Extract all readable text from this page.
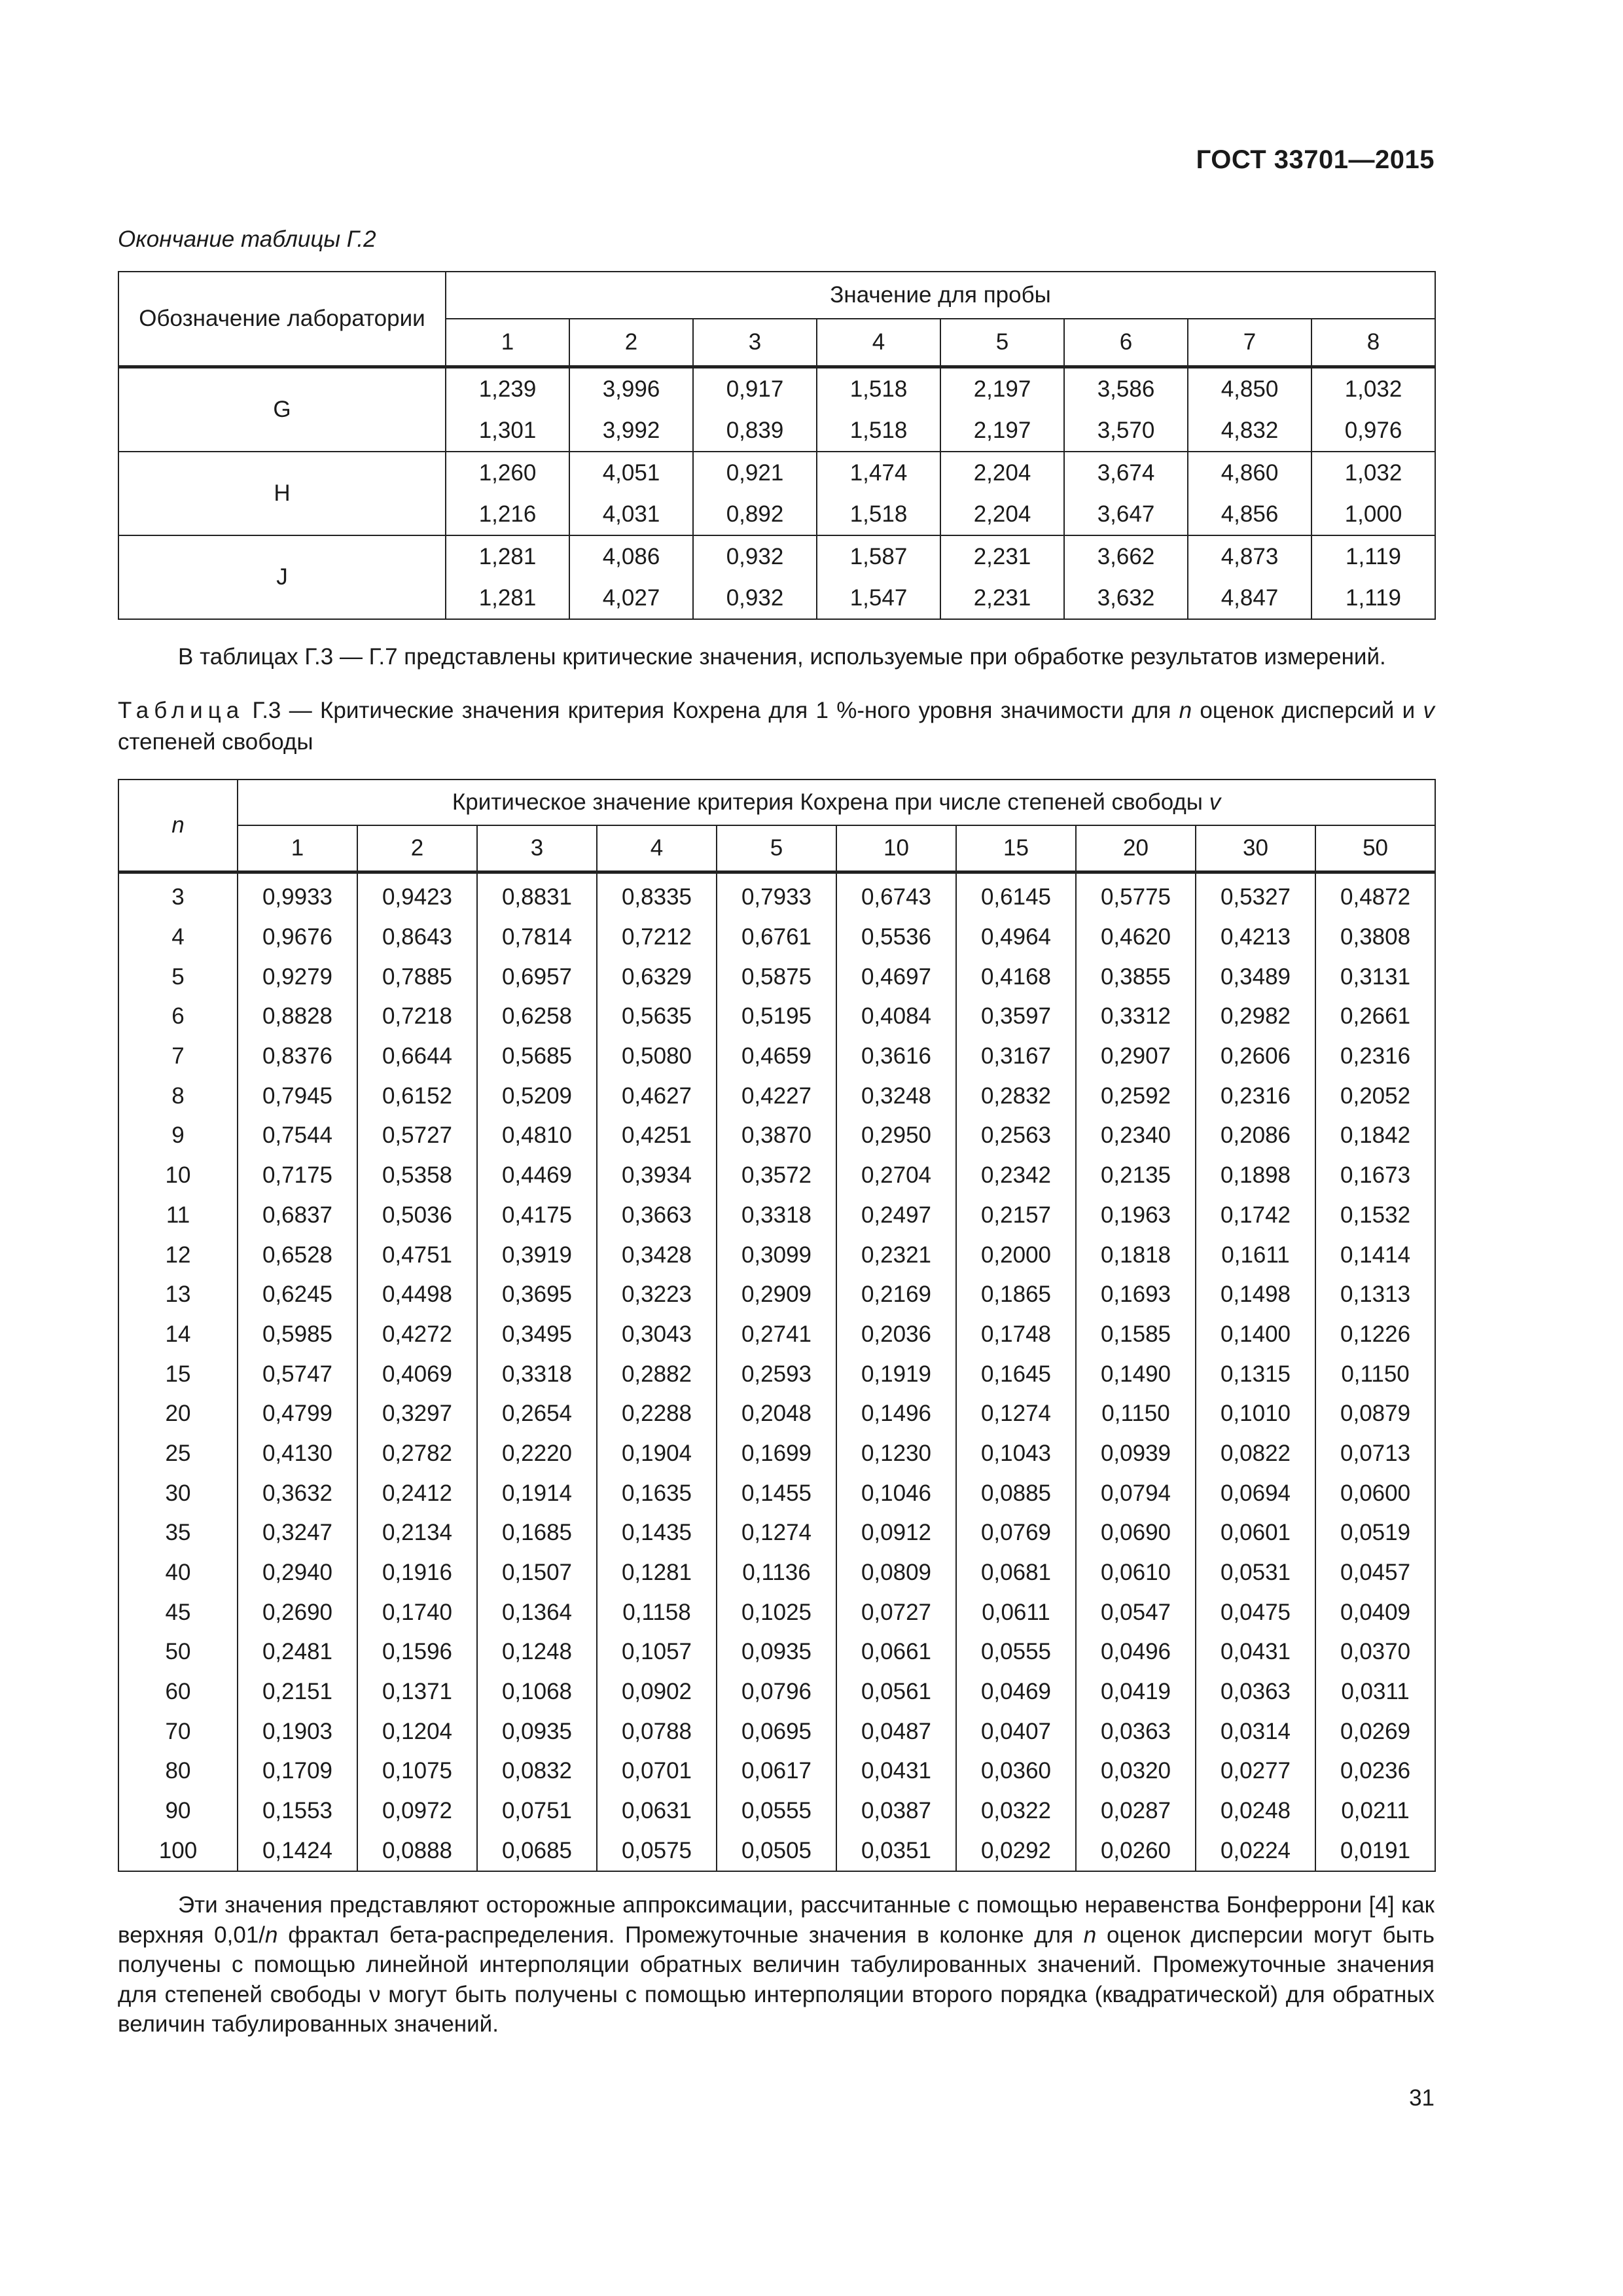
ГОСТ 33701—2015
Окончание таблицы Г.2
Обозначение лаборатории	Значение для пробы							
	1	2	3	4	5	6	7	8
G	1,239	3,996	0,917	1,518	2,197	3,586	4,850	1,032
	1,301	3,992	0,839	1,518	2,197	3,570	4,832	0,976
H	1,260	4,051	0,921	1,474	2,204	3,674	4,860	1,032
	1,216	4,031	0,892	1,518	2,204	3,647	4,856	1,000
J	1,281	4,086	0,932	1,587	2,231	3,662	4,873	1,119
	1,281	4,027	0,932	1,547	2,231	3,632	4,847	1,119
В таблицах Г.3 — Г.7 представлены критические значения, используемые при обработке результатов измерений.
Таблица Г.3 — Критические значения критерия Кохрена для 1 %-ного уровня значимости для n оценок дисперсий и v степеней свободы
n	Критическое значение критерия Кохрена при числе степеней свободы v									
	1	2	3	4	5	10	15	20	30	50
3	0,9933	0,9423	0,8831	0,8335	0,7933	0,6743	0,6145	0,5775	0,5327	0,4872
4	0,9676	0,8643	0,7814	0,7212	0,6761	0,5536	0,4964	0,4620	0,4213	0,3808
5	0,9279	0,7885	0,6957	0,6329	0,5875	0,4697	0,4168	0,3855	0,3489	0,3131
6	0,8828	0,7218	0,6258	0,5635	0,5195	0,4084	0,3597	0,3312	0,2982	0,2661
7	0,8376	0,6644	0,5685	0,5080	0,4659	0,3616	0,3167	0,2907	0,2606	0,2316
8	0,7945	0,6152	0,5209	0,4627	0,4227	0,3248	0,2832	0,2592	0,2316	0,2052
9	0,7544	0,5727	0,4810	0,4251	0,3870	0,2950	0,2563	0,2340	0,2086	0,1842
10	0,7175	0,5358	0,4469	0,3934	0,3572	0,2704	0,2342	0,2135	0,1898	0,1673
11	0,6837	0,5036	0,4175	0,3663	0,3318	0,2497	0,2157	0,1963	0,1742	0,1532
12	0,6528	0,4751	0,3919	0,3428	0,3099	0,2321	0,2000	0,1818	0,1611	0,1414
13	0,6245	0,4498	0,3695	0,3223	0,2909	0,2169	0,1865	0,1693	0,1498	0,1313
14	0,5985	0,4272	0,3495	0,3043	0,2741	0,2036	0,1748	0,1585	0,1400	0,1226
15	0,5747	0,4069	0,3318	0,2882	0,2593	0,1919	0,1645	0,1490	0,1315	0,1150
20	0,4799	0,3297	0,2654	0,2288	0,2048	0,1496	0,1274	0,1150	0,1010	0,0879
25	0,4130	0,2782	0,2220	0,1904	0,1699	0,1230	0,1043	0,0939	0,0822	0,0713
30	0,3632	0,2412	0,1914	0,1635	0,1455	0,1046	0,0885	0,0794	0,0694	0,0600
35	0,3247	0,2134	0,1685	0,1435	0,1274	0,0912	0,0769	0,0690	0,0601	0,0519
40	0,2940	0,1916	0,1507	0,1281	0,1136	0,0809	0,0681	0,0610	0,0531	0,0457
45	0,2690	0,1740	0,1364	0,1158	0,1025	0,0727	0,0611	0,0547	0,0475	0,0409
50	0,2481	0,1596	0,1248	0,1057	0,0935	0,0661	0,0555	0,0496	0,0431	0,0370
60	0,2151	0,1371	0,1068	0,0902	0,0796	0,0561	0,0469	0,0419	0,0363	0,0311
70	0,1903	0,1204	0,0935	0,0788	0,0695	0,0487	0,0407	0,0363	0,0314	0,0269
80	0,1709	0,1075	0,0832	0,0701	0,0617	0,0431	0,0360	0,0320	0,0277	0,0236
90	0,1553	0,0972	0,0751	0,0631	0,0555	0,0387	0,0322	0,0287	0,0248	0,0211
100	0,1424	0,0888	0,0685	0,0575	0,0505	0,0351	0,0292	0,0260	0,0224	0,0191

Эти значения представляют осторожные аппроксимации, рассчитанные с помощью неравенства Бонферрони [4] как верхняя 0,01/n фрактал бета-распределения. Промежуточные значения в колонке для n оценок дисперсии могут быть получены с помощью линейной интерполяции обратных величин табулированных значений. Промежуточные значения для степеней свободы ν могут быть получены с помощью интерполяции второго порядка (квадратической) для обратных величин табулированных значений.

31
